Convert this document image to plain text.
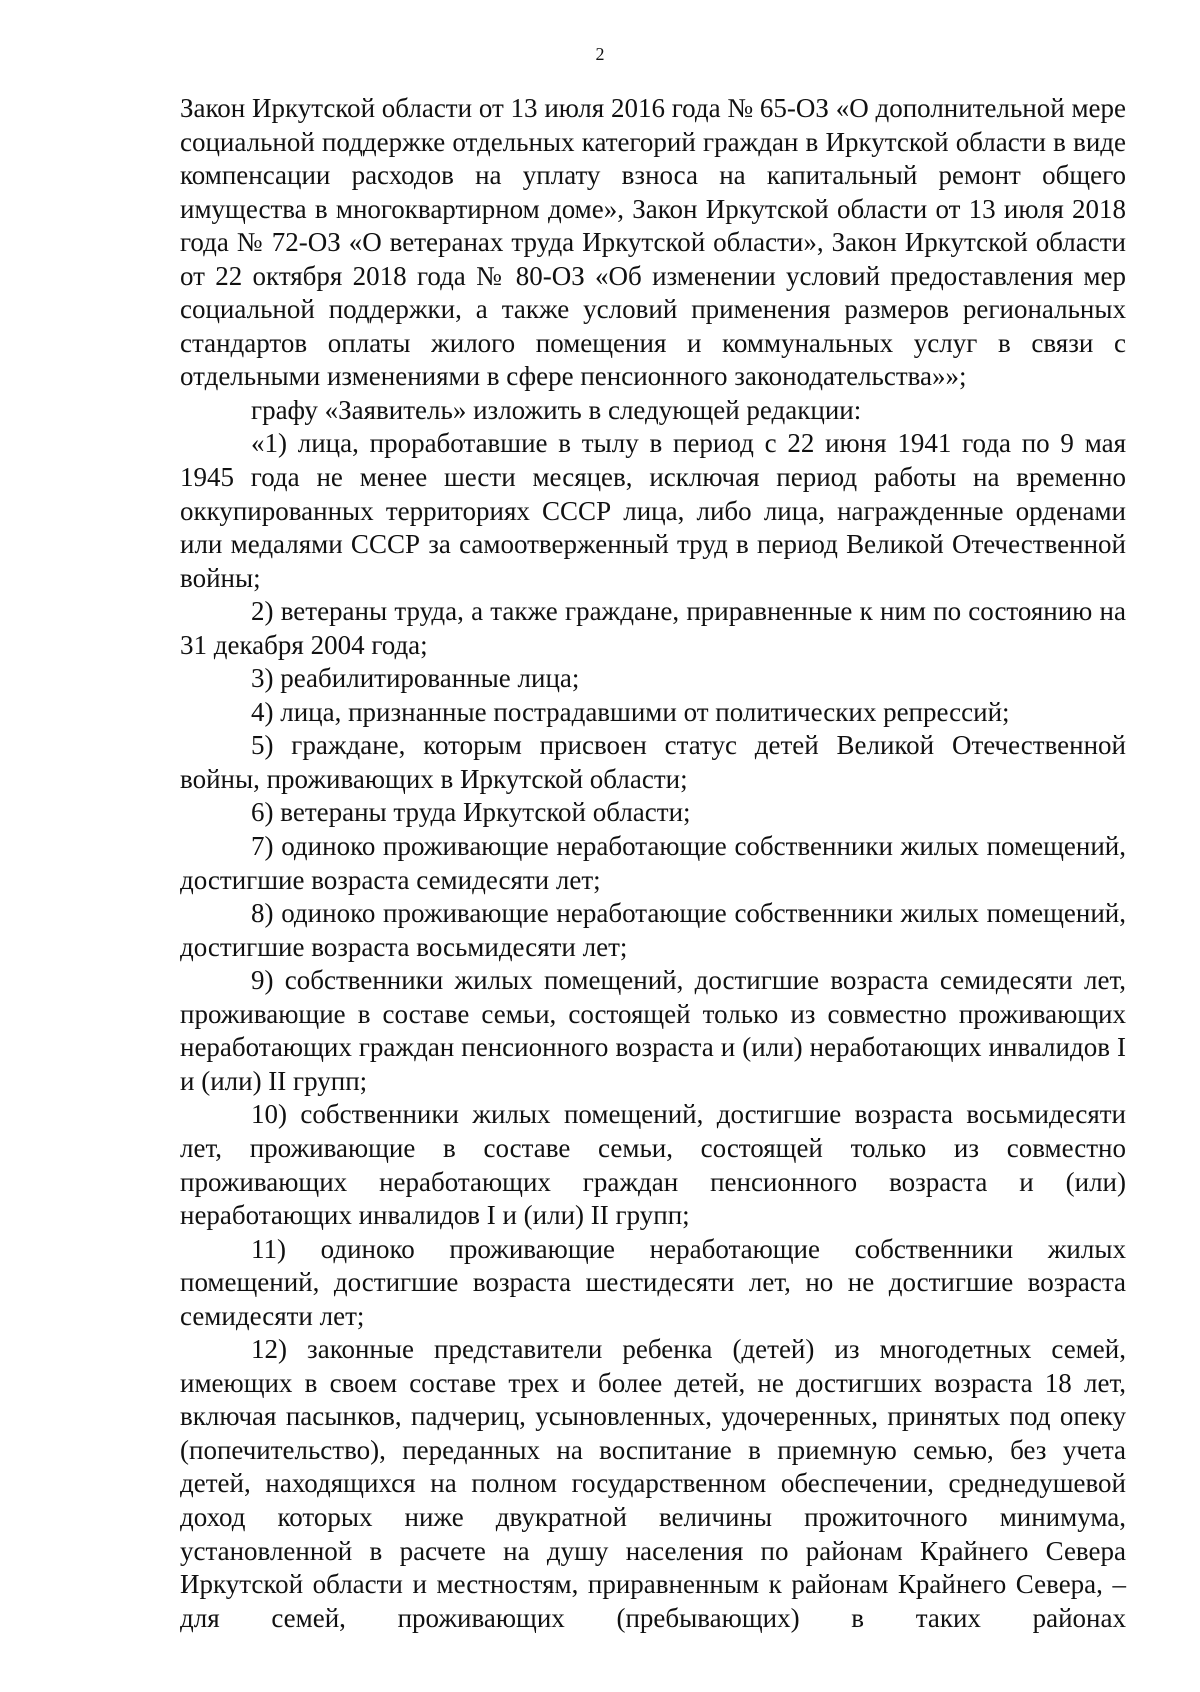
2

Закон Иркутской области от 13 июля 2016 года № 65-ОЗ «О дополнительной мере социальной поддержке отдельных категорий граждан в Иркутской области в виде компенсации расходов на уплату взноса на капитальный ремонт общего имущества в многоквартирном доме», Закон Иркутской области от 13 июля 2018 года № 72-ОЗ «О ветеранах труда Иркутской области», Закон Иркутской области от 22 октября 2018 года № 80-ОЗ «Об изменении условий предоставления мер социальной поддержки, а также условий применения размеров региональных стандартов оплаты жилого помещения и коммунальных услуг в связи с отдельными изменениями в сфере пенсионного законодательства»»;

графу «Заявитель» изложить в следующей редакции:

«1) лица, проработавшие в тылу в период с 22 июня 1941 года по 9 мая 1945 года не менее шести месяцев, исключая период работы на временно оккупированных территориях СССР лица, либо лица, награжденные орденами или медалями СССР за самоотверженный труд в период Великой Отечественной войны;

2) ветераны труда, а также граждане, приравненные к ним по состоянию на 31 декабря 2004 года;

3) реабилитированные лица;

4) лица, признанные пострадавшими от политических репрессий;

5) граждане, которым присвоен статус детей Великой Отечественной войны, проживающих в Иркутской области;

6) ветераны труда Иркутской области;

7) одиноко проживающие неработающие собственники жилых помещений, достигшие возраста семидесяти лет;

8) одиноко проживающие неработающие собственники жилых помещений, достигшие возраста восьмидесяти лет;

9) собственники жилых помещений, достигшие возраста семидесяти лет, проживающие в составе семьи, состоящей только из совместно проживающих неработающих граждан пенсионного возраста и (или) неработающих инвалидов I и (или) II групп;

10) собственники жилых помещений, достигшие возраста восьмидесяти лет, проживающие в составе семьи, состоящей только из совместно проживающих неработающих граждан пенсионного возраста и (или) неработающих инвалидов I и (или) II групп;

11) одиноко проживающие неработающие собственники жилых помещений, достигшие возраста шестидесяти лет, но не достигшие возраста семидесяти лет;

12) законные представители ребенка (детей) из многодетных семей, имеющих в своем составе трех и более детей, не достигших возраста 18 лет, включая пасынков, падчериц, усыновленных, удочеренных, принятых под опеку (попечительство), переданных на воспитание в приемную семью, без учета детей, находящихся на полном государственном обеспечении, среднедушевой доход которых ниже двукратной величины прожиточного минимума, установленной в расчете на душу населения по районам Крайнего Севера Иркутской области и местностям, приравненным к районам Крайнего Севера, – для семей, проживающих (пребывающих) в таких районах
